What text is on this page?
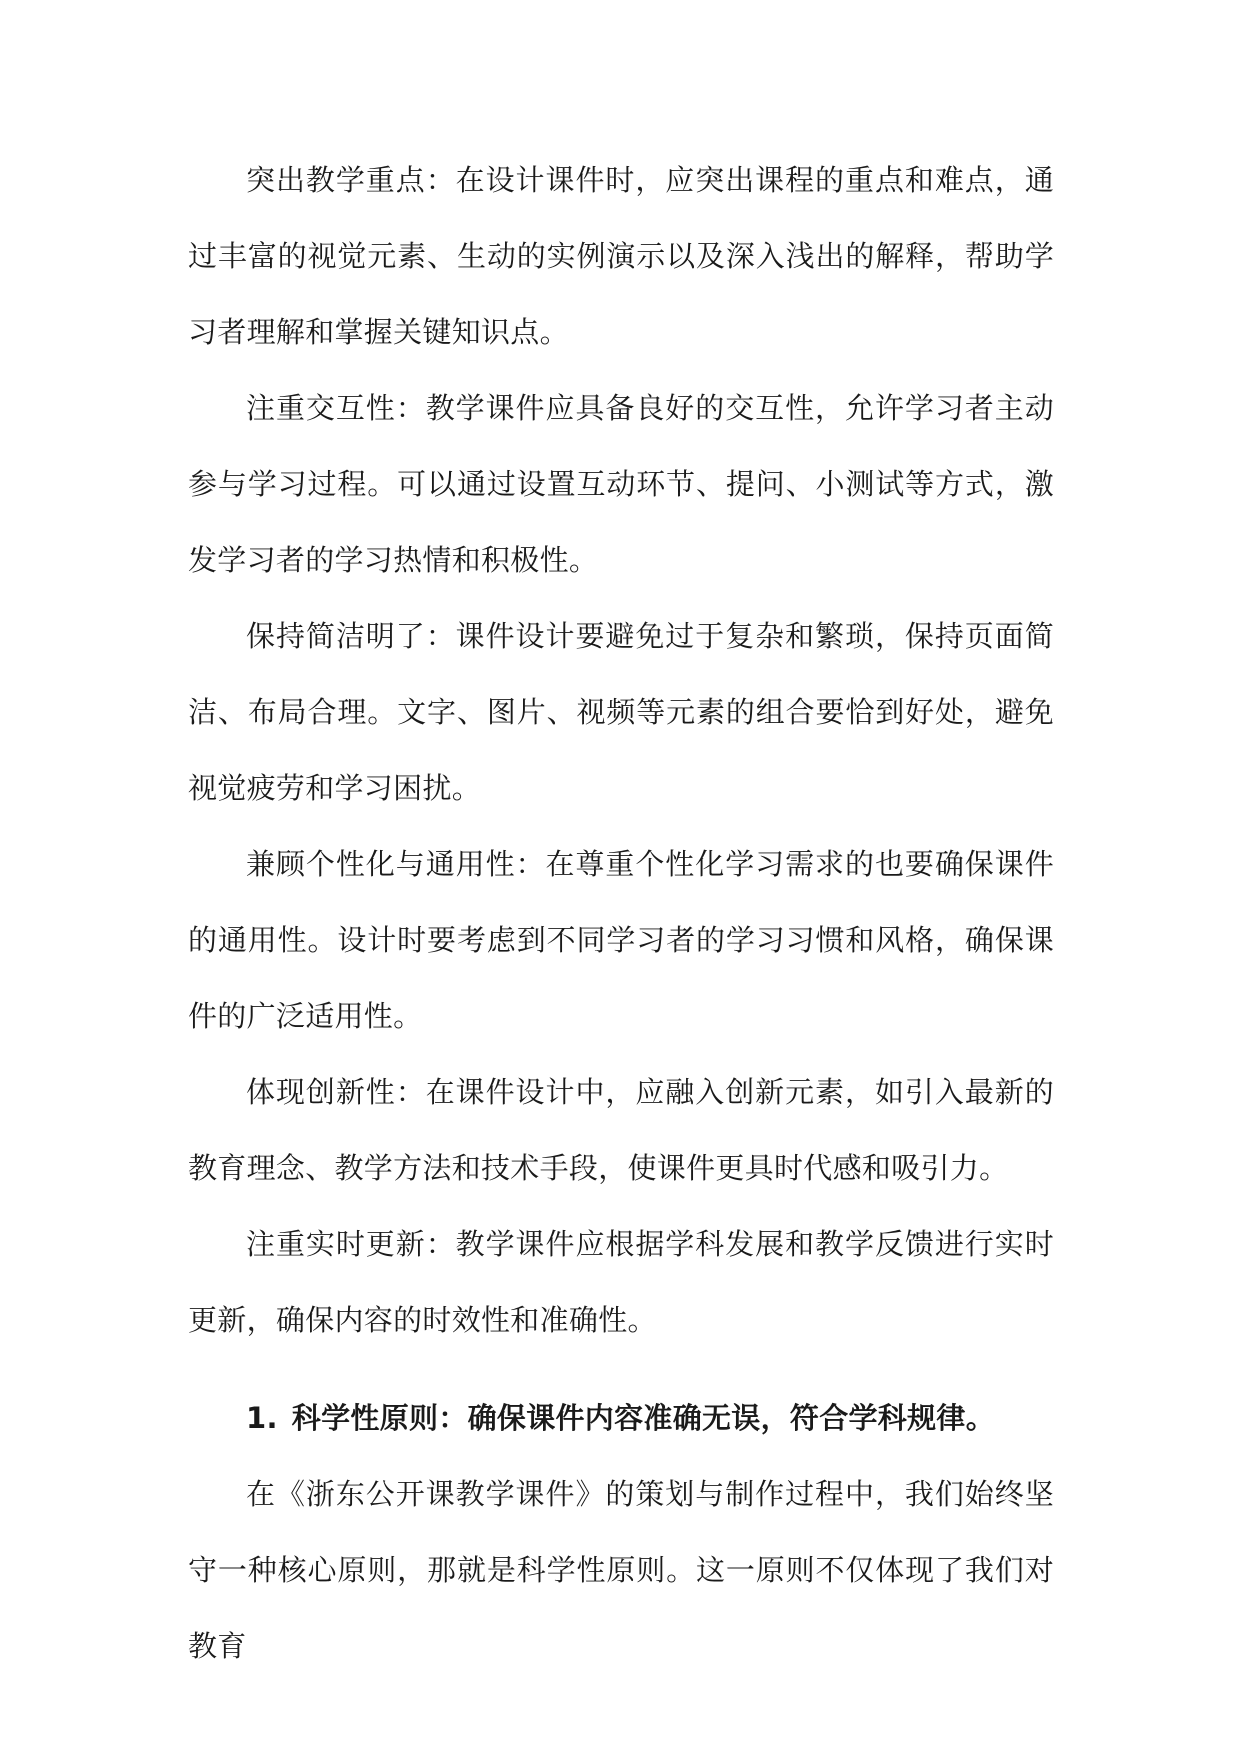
突出教学重点：在设计课件时，应突出课程的重点和难点，通过丰富的视觉元素、生动的实例演示以及深入浅出的解释，帮助学习者理解和掌握关键知识点。

注重交互性：教学课件应具备良好的交互性，允许学习者主动参与学习过程。可以通过设置互动环节、提问、小测试等方式，激发学习者的学习热情和积极性。

保持简洁明了：课件设计要避免过于复杂和繁琐，保持页面简洁、布局合理。文字、图片、视频等元素的组合要恰到好处，避免视觉疲劳和学习困扰。

兼顾个性化与通用性：在尊重个性化学习需求的也要确保课件的通用性。设计时要考虑到不同学习者的学习习惯和风格，确保课件的广泛适用性。

体现创新性：在课件设计中，应融入创新元素，如引入最新的教育理念、教学方法和技术手段，使课件更具时代感和吸引力。

注重实时更新：教学课件应根据学科发展和教学反馈进行实时更新，确保内容的时效性和准确性。

1. 科学性原则：确保课件内容准确无误，符合学科规律。

在《浙东公开课教学课件》的策划与制作过程中，我们始终坚守一种核心原则，那就是科学性原则。这一原则不仅体现了我们对教育
